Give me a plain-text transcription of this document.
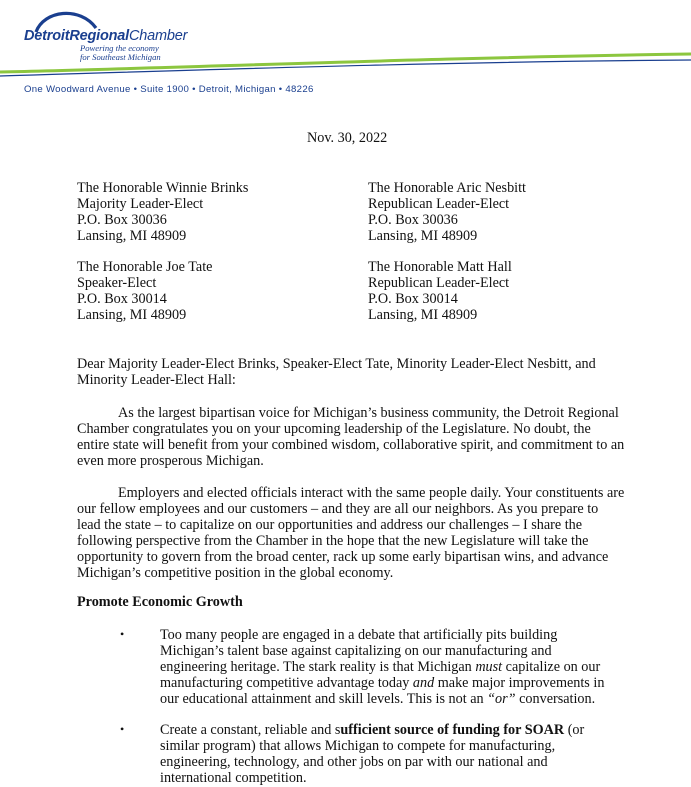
DetroitRegionalChamber

Powering the economy
for Southeast Michigan

One Woodward Avenue • Suite 1900 • Detroit, Michigan • 48226

Nov. 30, 2022

The Honorable Winnie Brinks
Majority Leader-Elect
P.O. Box 30036
Lansing, MI 48909
The Honorable Aric Nesbitt
Republican Leader-Elect
P.O. Box 30036
Lansing, MI 48909
The Honorable Joe Tate
Speaker-Elect
P.O. Box 30014
Lansing, MI 48909
The Honorable Matt Hall
Republican Leader-Elect
P.O. Box 30014
Lansing, MI 48909

Dear Majority Leader-Elect Brinks, Speaker-Elect Tate, Minority Leader-Elect Nesbitt, and Minority Leader-Elect Hall:

As the largest bipartisan voice for Michigan’s business community, the Detroit Regional Chamber congratulates you on your upcoming leadership of the Legislature. No doubt, the entire state will benefit from your combined wisdom, collaborative spirit, and commitment to an even more prosperous Michigan.

Employers and elected officials interact with the same people daily. Your constituents are our fellow employees and our customers – and they are all our neighbors. As you prepare to lead the state – to capitalize on our opportunities and address our challenges – I share the following perspective from the Chamber in the hope that the new Legislature will take the opportunity to govern from the broad center, rack up some early bipartisan wins, and advance Michigan’s competitive position in the global economy.

Promote Economic Growth

•	Too many people are engaged in a debate that artificially pits building Michigan’s talent base against capitalizing on our manufacturing and engineering heritage. The stark reality is that Michigan must capitalize on our manufacturing competitive advantage today and make major improvements in our educational attainment and skill levels. This is not an “or” conversation.

•	Create a constant, reliable and sufficient source of funding for SOAR (or similar program) that allows Michigan to compete for manufacturing, engineering, technology, and other jobs on par with our national and international competition.
